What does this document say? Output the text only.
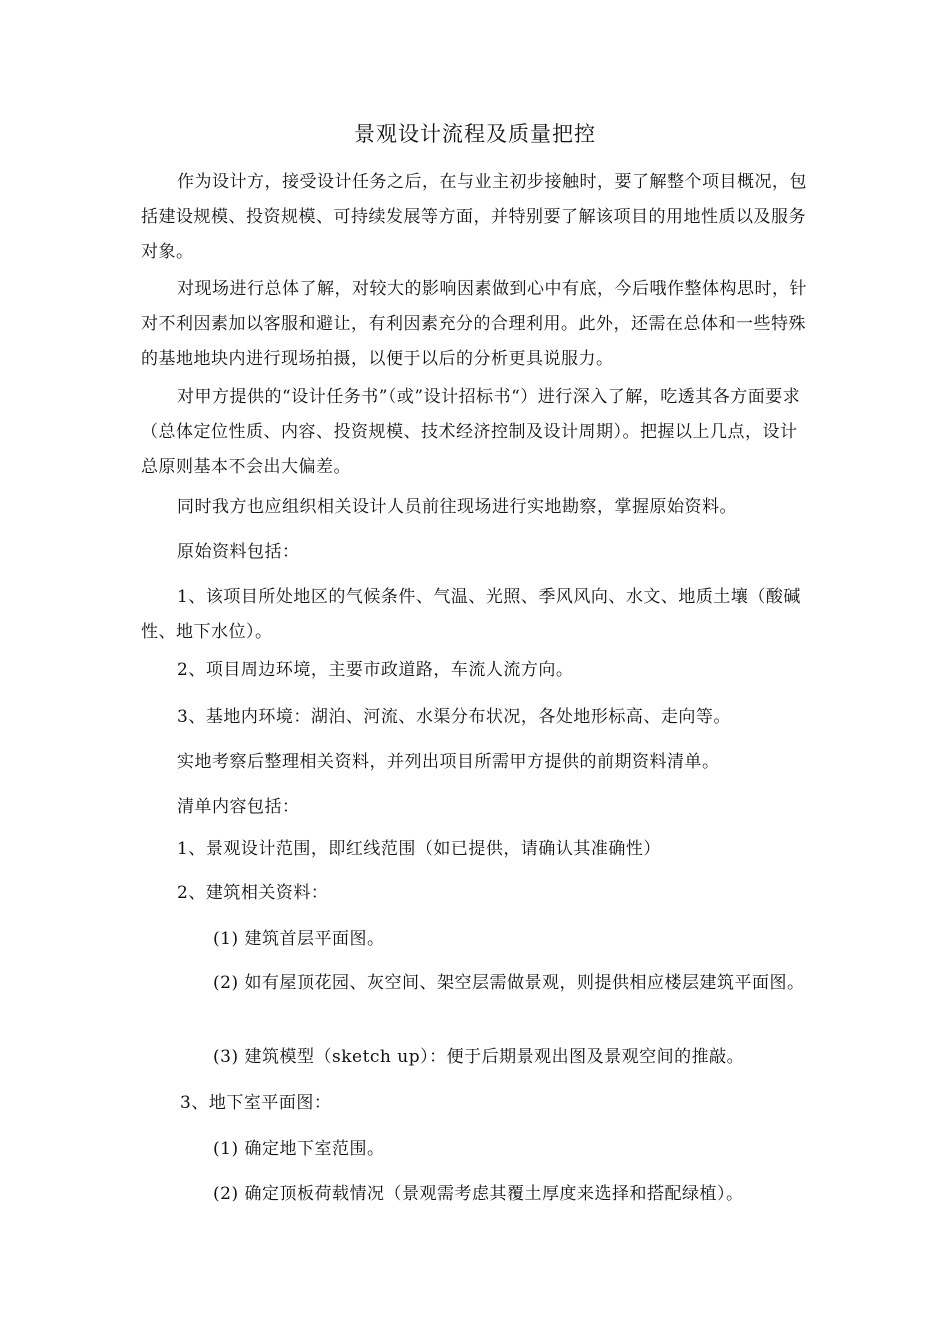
景观设计流程及质量把控

作为设计方，接受设计任务之后，在与业主初步接触时，要了解整个项目概况，包括建设规模、投资规模、可持续发展等方面，并特别要了解该项目的用地性质以及服务对象。

对现场进行总体了解，对较大的影响因素做到心中有底，今后哦作整体构思时，针对不利因素加以客服和避让，有利因素充分的合理利用。此外，还需在总体和一些特殊的基地地块内进行现场拍摄，以便于以后的分析更具说服力。

对甲方提供的“设计任务书”（或”设计招标书“）进行深入了解，吃透其各方面要求（总体定位性质、内容、投资规模、技术经济控制及设计周期）。把握以上几点，设计总原则基本不会出大偏差。

同时我方也应组织相关设计人员前往现场进行实地勘察，掌握原始资料。

原始资料包括：

1、该项目所处地区的气候条件、气温、光照、季风风向、水文、地质土壤（酸碱性、地下水位）。

2、项目周边环境，主要市政道路，车流人流方向。

3、基地内环境：湖泊、河流、水渠分布状况，各处地形标高、走向等。

实地考察后整理相关资料，并列出项目所需甲方提供的前期资料清单。

清单内容包括：

1、景观设计范围，即红线范围（如已提供，请确认其准确性）

2、建筑相关资料：

(1) 建筑首层平面图。

(2) 如有屋顶花园、灰空间、架空层需做景观，则提供相应楼层建筑平面图。

(3) 建筑模型（sketch up）：便于后期景观出图及景观空间的推敲。

3、地下室平面图：

(1) 确定地下室范围。

(2) 确定顶板荷载情况（景观需考虑其覆土厚度来选择和搭配绿植）。
